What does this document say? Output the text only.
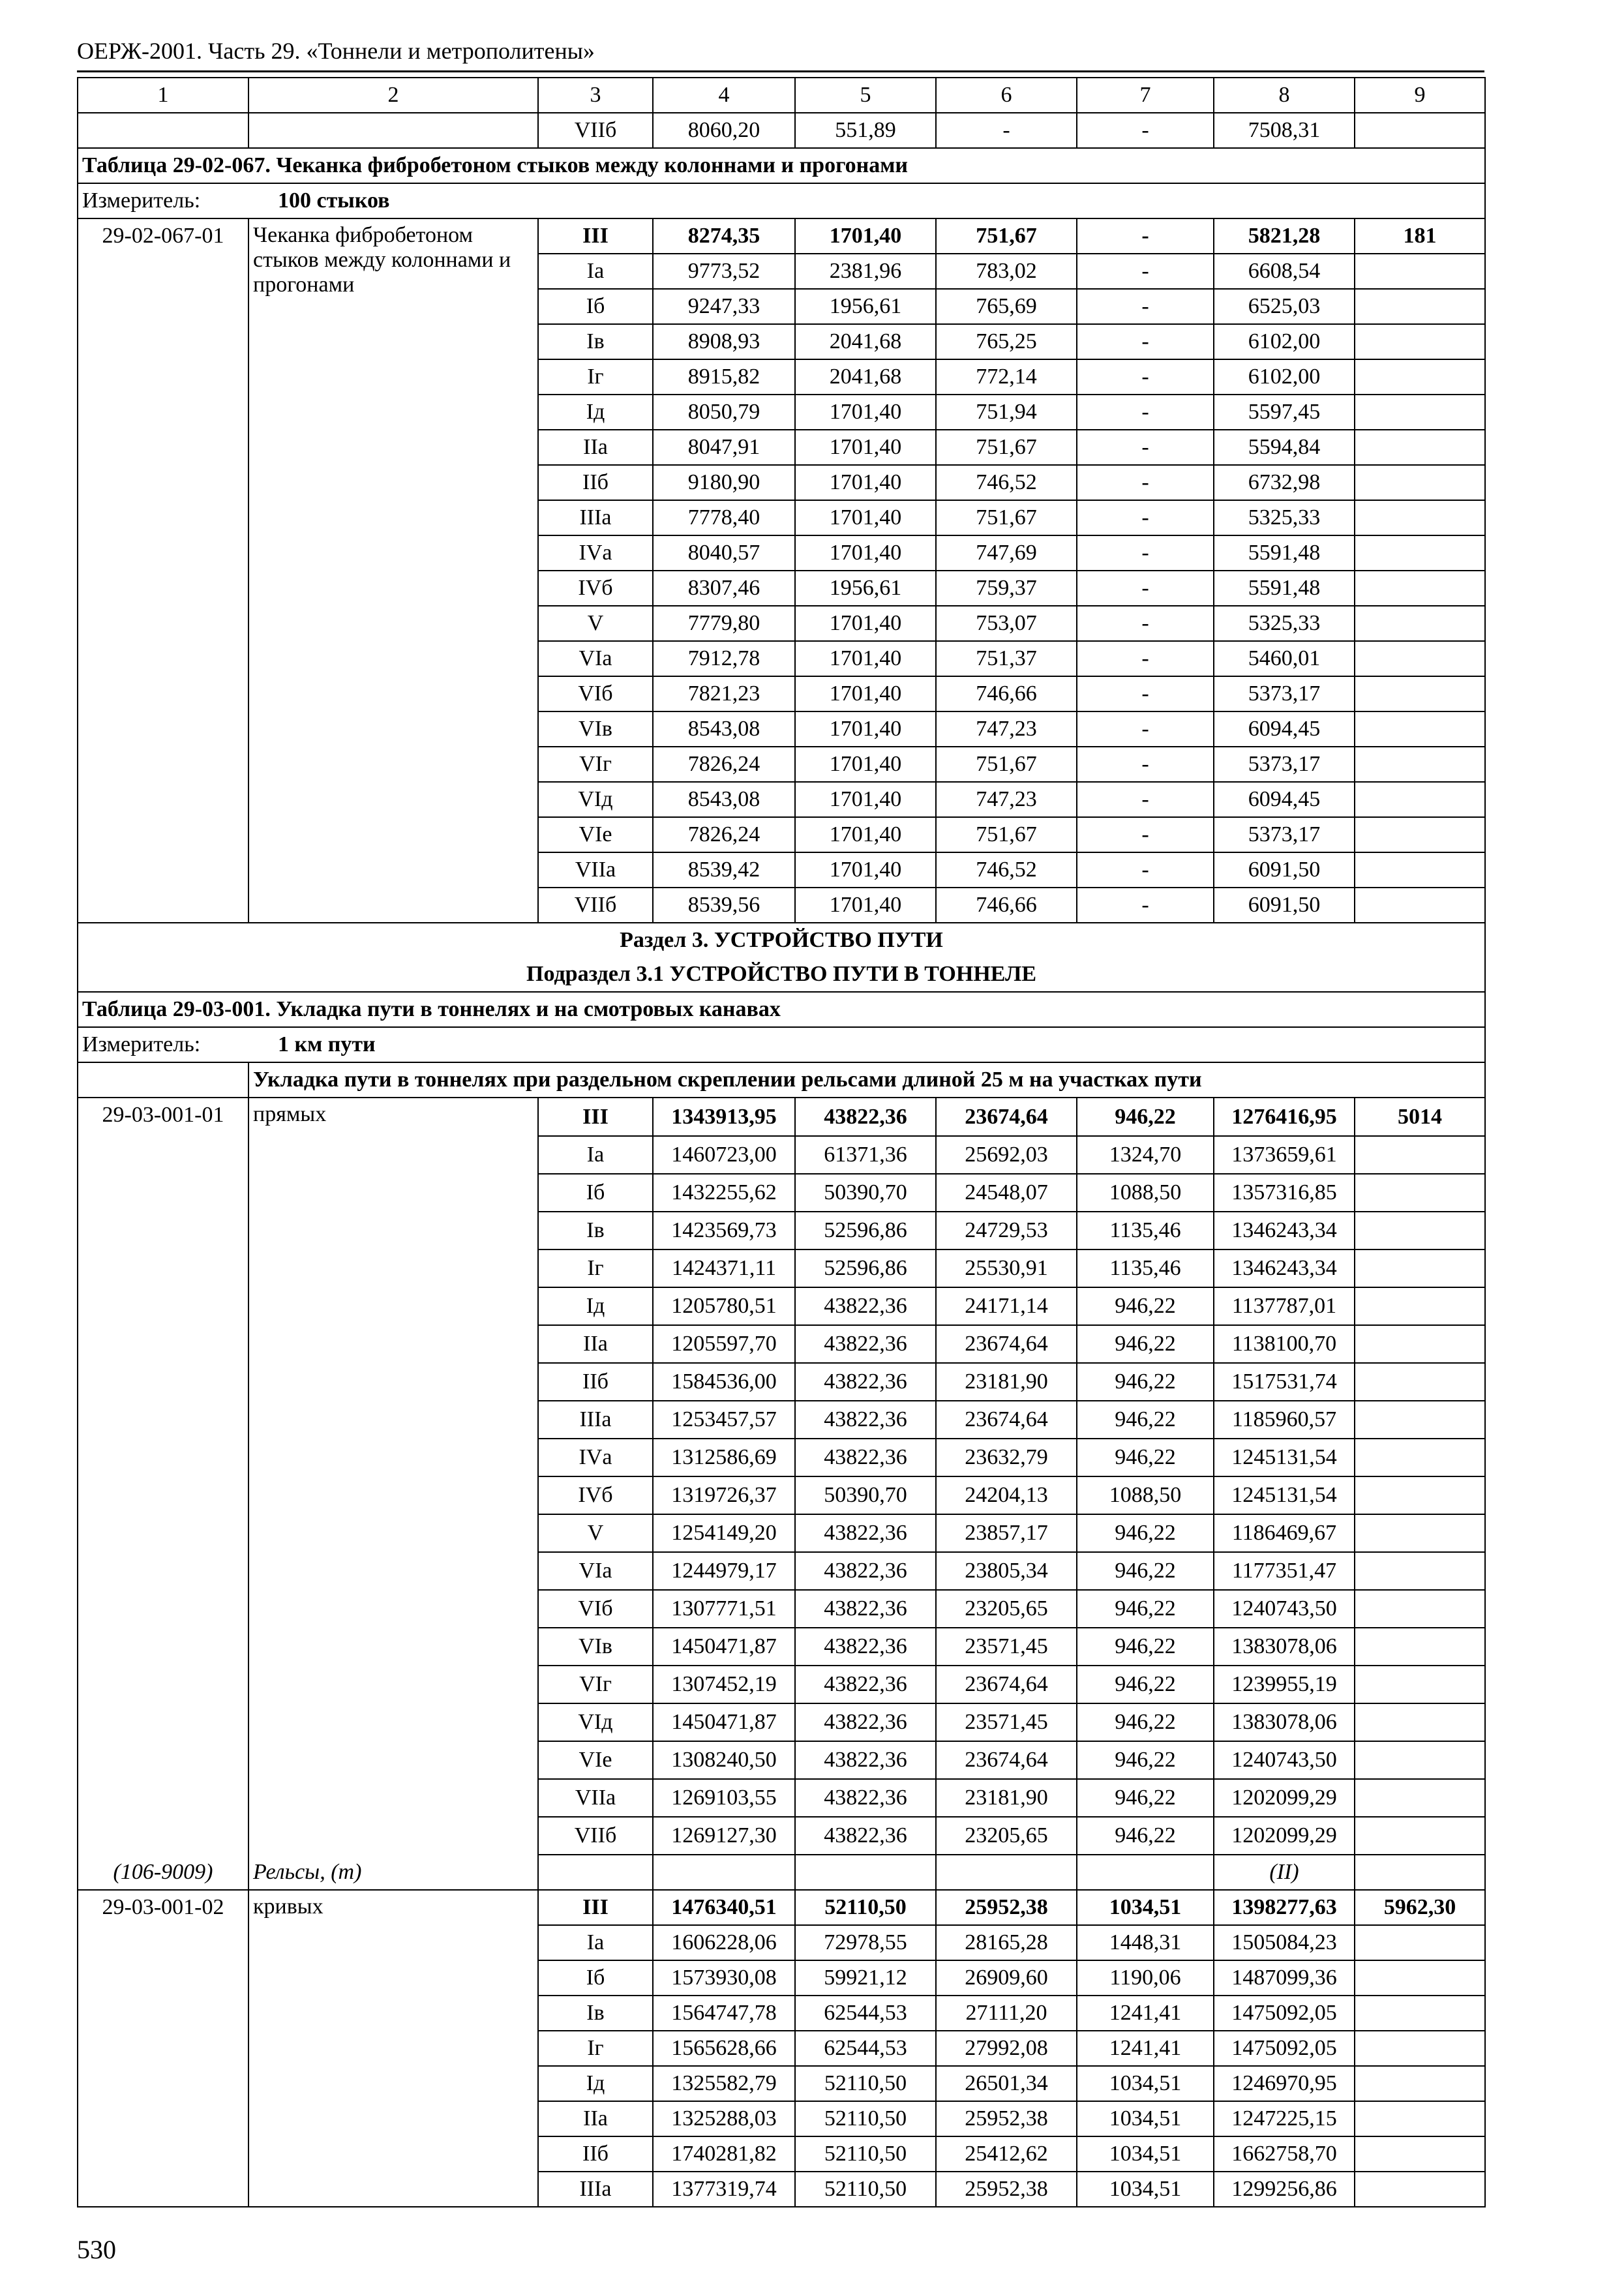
ОЕРЖ-2001. Часть 29. «Тоннели и метрополитены»
1	2	3	4	5	6	7	8	9
		VIIб	8060,20	551,89	-	-	7508,31	
Таблица 29-02-067. Чеканка фибробетоном стыков между колоннами и прогонами								
Измеритель: 100 стыков								
29-02-067-01	Чеканка фибробетоном стыков между колоннами и прогонами	III	8274,35	1701,40	751,67	-	5821,28	181
		Iа	9773,52	2381,96	783,02	-	6608,54	
		Iб	9247,33	1956,61	765,69	-	6525,03	
		Iв	8908,93	2041,68	765,25	-	6102,00	
		Iг	8915,82	2041,68	772,14	-	6102,00	
		Iд	8050,79	1701,40	751,94	-	5597,45	
		IIа	8047,91	1701,40	751,67	-	5594,84	
		IIб	9180,90	1701,40	746,52	-	6732,98	
		IIIа	7778,40	1701,40	751,67	-	5325,33	
		IVа	8040,57	1701,40	747,69	-	5591,48	
		IVб	8307,46	1956,61	759,37	-	5591,48	
		V	7779,80	1701,40	753,07	-	5325,33	
		VIа	7912,78	1701,40	751,37	-	5460,01	
		VIб	7821,23	1701,40	746,66	-	5373,17	
		VIв	8543,08	1701,40	747,23	-	6094,45	
		VIг	7826,24	1701,40	751,67	-	5373,17	
		VIд	8543,08	1701,40	747,23	-	6094,45	
		VIе	7826,24	1701,40	751,67	-	5373,17	
		VIIа	8539,42	1701,40	746,52	-	6091,50	
		VIIб	8539,56	1701,40	746,66	-	6091,50	

Раздел 3. УСТРОЙСТВО ПУТИ
Подраздел 3.1 УСТРОЙСТВО ПУТИ В ТОННЕЛЕ								

Таблица 29-03-001. Укладка пути в тоннелях и на смотровых канавах								
Измеритель: 1 км пути								
	Укладка пути в тоннелях при раздельном скреплении рельсами длиной 25 м на участках пути							
29-03-001-01	прямых	III	1343913,95	43822,36	23674,64	946,22	1276416,95	5014
		Iа	1460723,00	61371,36	25692,03	1324,70	1373659,61	
		Iб	1432255,62	50390,70	24548,07	1088,50	1357316,85	
		Iв	1423569,73	52596,86	24729,53	1135,46	1346243,34	
		Iг	1424371,11	52596,86	25530,91	1135,46	1346243,34	
		Iд	1205780,51	43822,36	24171,14	946,22	1137787,01	
		IIа	1205597,70	43822,36	23674,64	946,22	1138100,70	
		IIб	1584536,00	43822,36	23181,90	946,22	1517531,74	
		IIIа	1253457,57	43822,36	23674,64	946,22	1185960,57	
		IVа	1312586,69	43822,36	23632,79	946,22	1245131,54	
		IVб	1319726,37	50390,70	24204,13	1088,50	1245131,54	
		V	1254149,20	43822,36	23857,17	946,22	1186469,67	
		VIа	1244979,17	43822,36	23805,34	946,22	1177351,47	
		VIб	1307771,51	43822,36	23205,65	946,22	1240743,50	
		VIв	1450471,87	43822,36	23571,45	946,22	1383078,06	
		VIг	1307452,19	43822,36	23674,64	946,22	1239955,19	
		VIд	1450471,87	43822,36	23571,45	946,22	1383078,06	
		VIе	1308240,50	43822,36	23674,64	946,22	1240743,50	
		VIIа	1269103,55	43822,36	23181,90	946,22	1202099,29	
		VIIб	1269127,30	43822,36	23205,65	946,22	1202099,29	
(106-9009)	Рельсы, (т)						(II)	
29-03-001-02	кривых	III	1476340,51	52110,50	25952,38	1034,51	1398277,63	5962,30
		Iа	1606228,06	72978,55	28165,28	1448,31	1505084,23	
		Iб	1573930,08	59921,12	26909,60	1190,06	1487099,36	
		Iв	1564747,78	62544,53	27111,20	1241,41	1475092,05	
		Iг	1565628,66	62544,53	27992,08	1241,41	1475092,05	
		Iд	1325582,79	52110,50	26501,34	1034,51	1246970,95	
		IIа	1325288,03	52110,50	25952,38	1034,51	1247225,15	
		IIб	1740281,82	52110,50	25412,62	1034,51	1662758,70	
		IIIа	1377319,74	52110,50	25952,38	1034,51	1299256,86	
530
